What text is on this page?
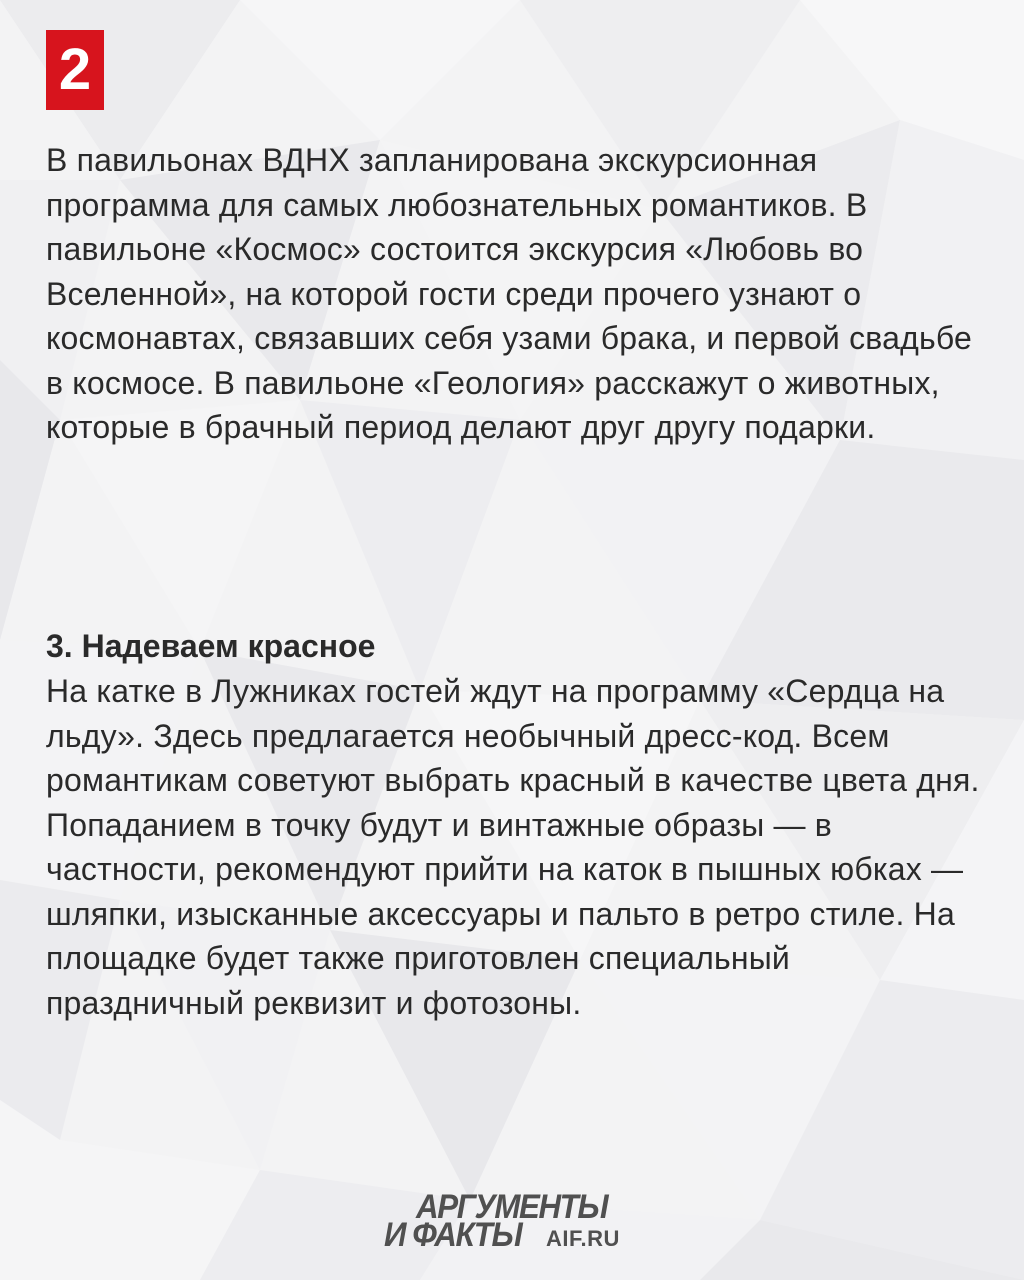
2

В павильонах ВДНХ запланирована экскурсионная программа для самых любознательных романтиков. В павильоне «Космос» состоится экскурсия «Любовь во Вселенной», на которой гости среди прочего узнают о космонавтах, связавших себя узами брака, и первой свадьбе в космосе. В павильоне «Геология» расскажут о животных, которые в брачный период делают друг другу подарки.

3. Надеваем красное

На катке в Лужниках гостей ждут на программу «Сердца на льду». Здесь предлагается необычный дресс-код. Всем романтикам советуют выбрать красный в качестве цвета дня. Попаданием в точку будут и винтажные образы — в частности, рекомендуют прийти на каток в пышных юбках — шляпки, изысканные аксессуары и пальто в ретро стиле. На площадке будет также приготовлен специальный праздничный реквизит и фотозоны.

АРГУМЕНТЫ
И ФАКТЫ AIF.RU
